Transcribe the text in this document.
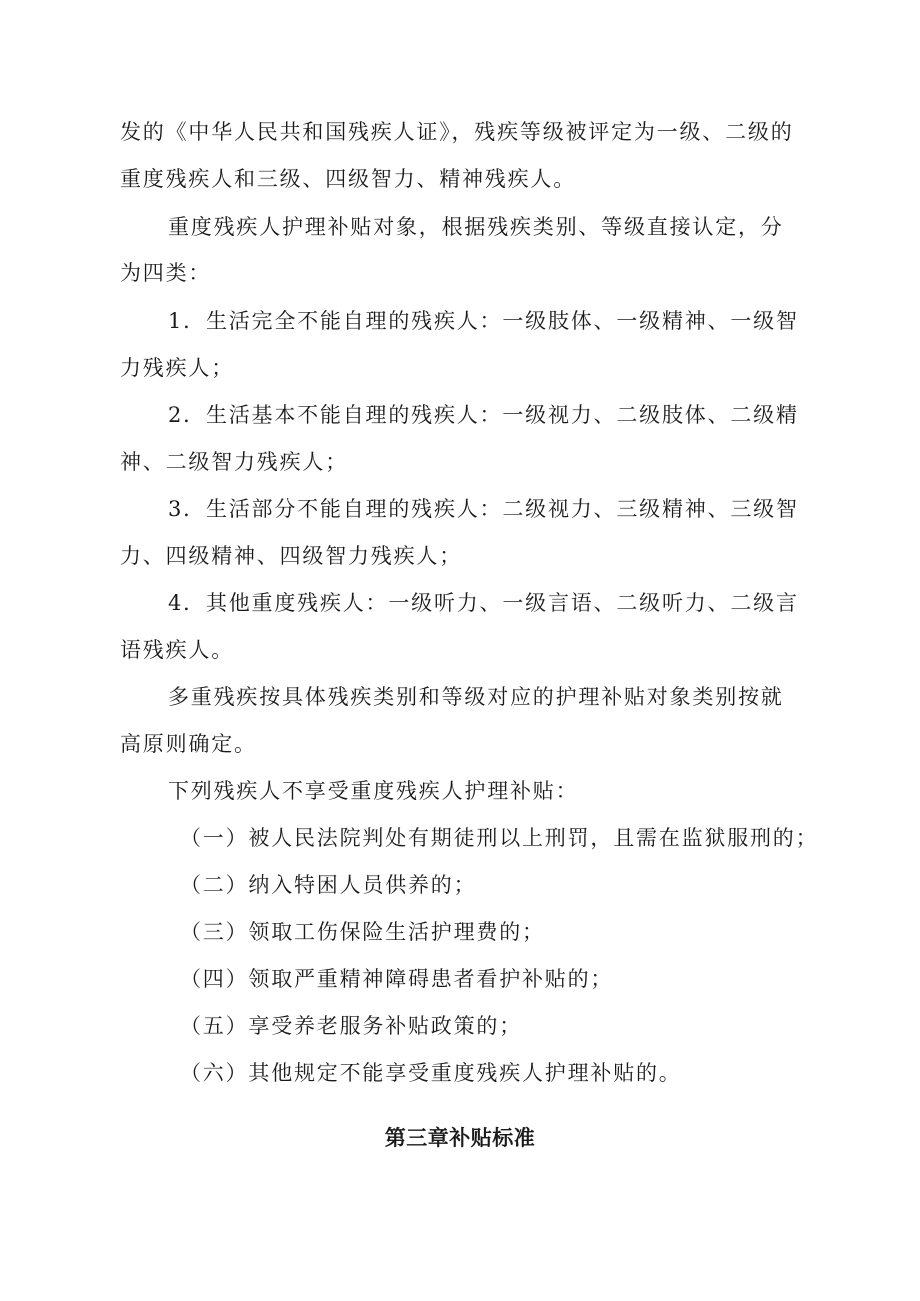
发的《中华人民共和国残疾人证》，残疾等级被评定为一级、二级的
重度残疾人和三级、四级智力、精神残疾人。
重度残疾人护理补贴对象，根据残疾类别、等级直接认定，分
为四类：
1．生活完全不能自理的残疾人：一级肢体、一级精神、一级智
力残疾人；
2．生活基本不能自理的残疾人：一级视力、二级肢体、二级精
神、二级智力残疾人；
3．生活部分不能自理的残疾人：二级视力、三级精神、三级智
力、四级精神、四级智力残疾人；
4．其他重度残疾人：一级听力、一级言语、二级听力、二级言
语残疾人。
多重残疾按具体残疾类别和等级对应的护理补贴对象类别按就
高原则确定。
下列残疾人不享受重度残疾人护理补贴：
（一）被人民法院判处有期徒刑以上刑罚，且需在监狱服刑的；
（二）纳入特困人员供养的；
（三）领取工伤保险生活护理费的；
（四）领取严重精神障碍患者看护补贴的；
（五）享受养老服务补贴政策的；
（六）其他规定不能享受重度残疾人护理补贴的。
第三章补贴标准
